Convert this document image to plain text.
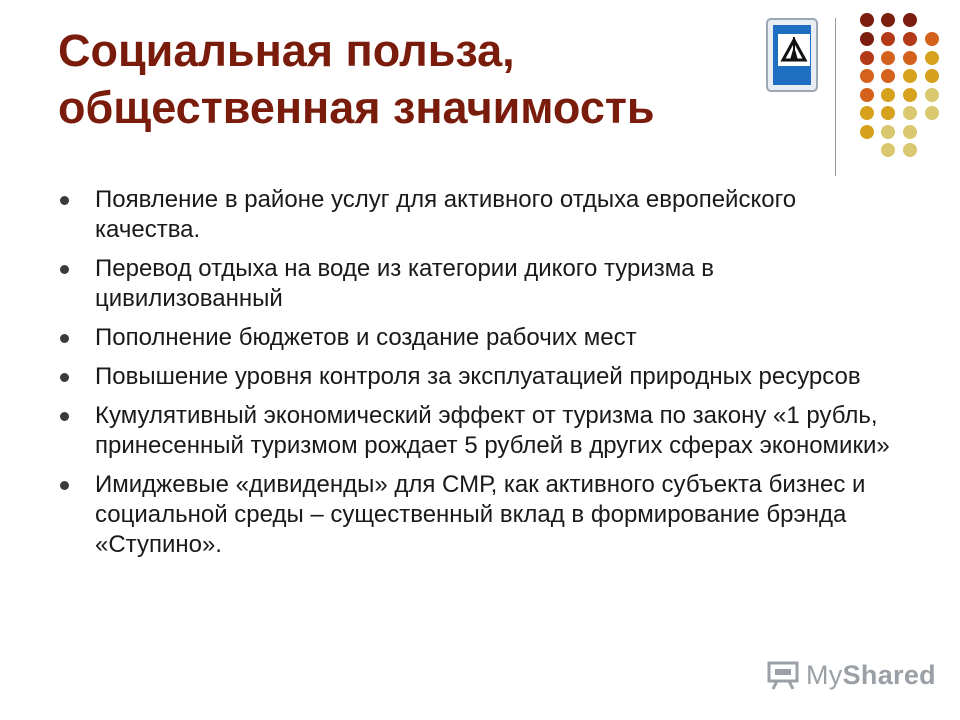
Социальная польза,
общественная значимость
Появление в районе услуг для активного отдыха европейского качества.
Перевод отдыха на воде из категории дикого туризма в цивилизованный
Пополнение бюджетов и создание рабочих мест
Повышение уровня контроля за эксплуатацией природных ресурсов
Кумулятивный экономический эффект от туризма по закону «1 рубль, принесенный туризмом рождает 5 рублей в других сферах экономики»
Имиджевые «дивиденды» для СМР, как активного субъекта бизнес и социальной среды – существенный вклад в формирование брэнда «Ступино».
MyShared
